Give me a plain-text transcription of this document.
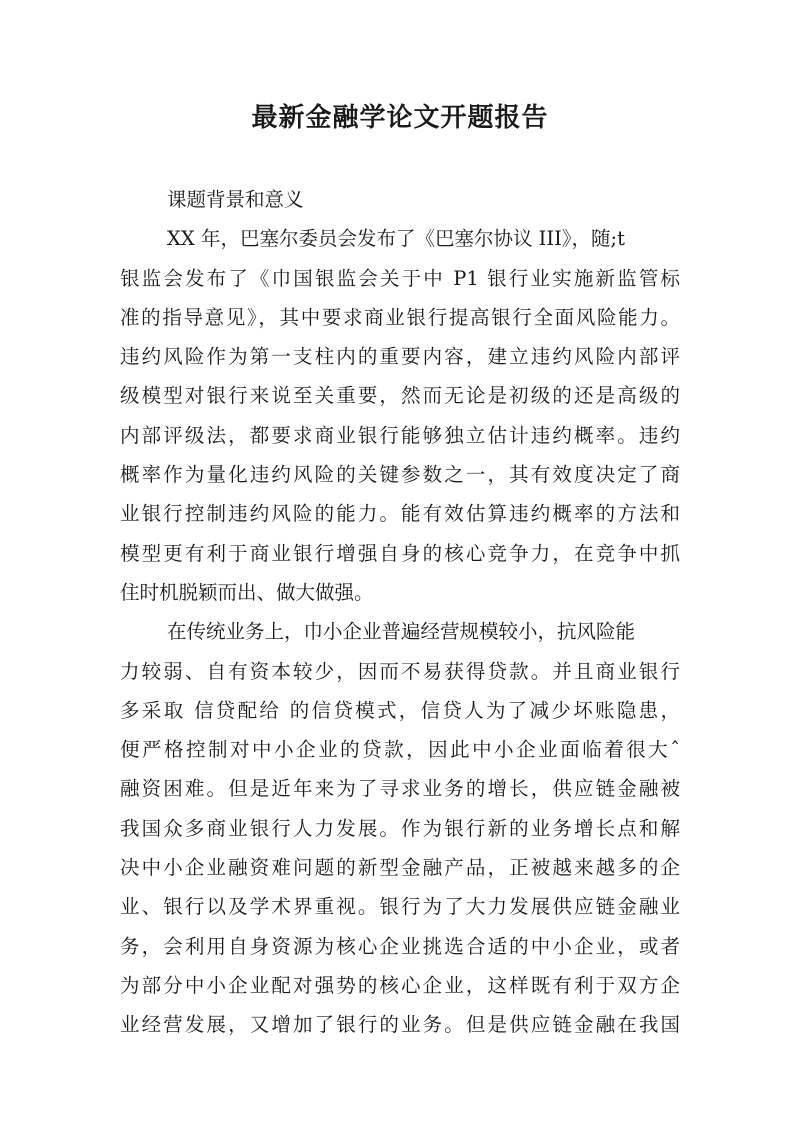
最新金融学论文开题报告
课题背景和意义
XX 年，巴塞尔委员会发布了《巴塞尔协议 III》，随;t
银监会发布了《巾国银监会关于中 P1 银行业实施新监管标
准的指导意见》，其中要求商业银行提高银行全面风险能力。
违约风险作为第一支柱内的重要内容，建立违约风险内部评
级模型对银行来说至关重要，然而无论是初级的还是高级的
内部评级法，都要求商业银行能够独立估计违约概率。违约
概率作为量化违约风险的关键参数之一，其有效度决定了商
业银行控制违约风险的能力。能有效估算违约概率的方法和
模型更有利于商业银行增强自身的核心竞争力，在竞争中抓
住时机脱颖而出、做大做强。
在传统业务上，巾小企业普遍经营规模较小，抗风险能
力较弱、自有资本较少，因而不易获得贷款。并且商业银行
多采取 信贷配给 的信贷模式，信贷人为了减少坏账隐患，
便严格控制对中小企业的贷款，因此中小企业面临着很大ˆ
融资困难。但是近年来为了寻求业务的增长，供应链金融被
我国众多商业银行人力发展。作为银行新的业务增长点和解
决中小企业融资难问题的新型金融产品，正被越来越多的企
业、银行以及学术界重视。银行为了大力发展供应链金融业
务，会利用自身资源为核心企业挑选合适的中小企业，或者
为部分中小企业配对强势的核心企业，这样既有利于双方企
业经营发展，又增加了银行的业务。但是供应链金融在我国
